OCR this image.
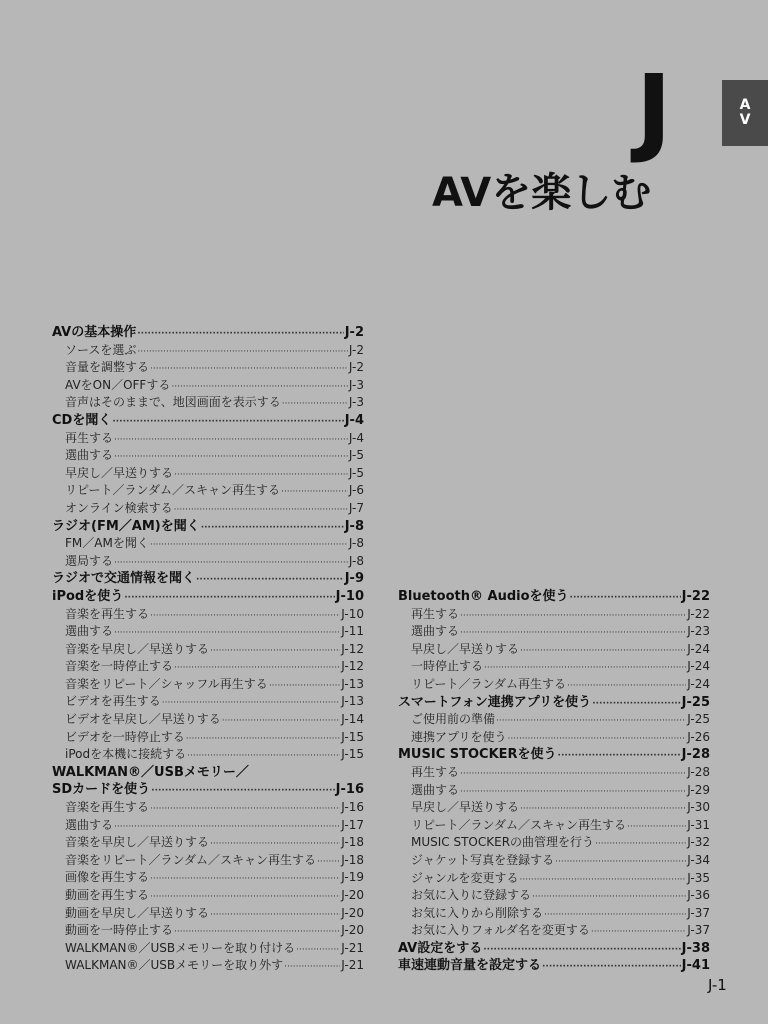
J	A
V
AVを楽しむ
AVの基本操作 ·····	J-2
ソースを選ぶ ·····	J-2
音量を調整する ·····	J-2
AVをON／OFFする ·····	J-3
音声はそのままで、地図画面を表示する ·····	J-3
CDを聞く ·····	J-4
再生する ·····	J-4
選曲する ·····	J-5
早戻し／早送りする ·····	J-5
リピート／ランダム／スキャン再生する ·····	J-6
オンライン検索する ·····	J-7
ラジオ(FM／AM)を聞く ·····	J-8
FM／AMを聞く ·····	J-8
選局する ·····	J-8
ラジオで交通情報を聞く ·····	J-9
iPodを使う ·····	J-10
音楽を再生する ·····	J-10
選曲する ·····	J-11
音楽を早戻し／早送りする ·····	J-12
音楽を一時停止する ·····	J-12
音楽をリピート／シャッフル再生する ·····	J-13
ビデオを再生する ·····	J-13
ビデオを早戻し／早送りする ·····	J-14
ビデオを一時停止する ·····	J-15
iPodを本機に接続する ·····	J-15
WALKMAN®／USBメモリー／
SDカードを使う ·····	J-16
音楽を再生する ·····	J-16
選曲する ·····	J-17
音楽を早戻し／早送りする ·····	J-18
音楽をリピート／ランダム／スキャン再生する ····· J-18
画像を再生する ·····	J-19
動画を再生する ·····	J-20
動画を早戻し／早送りする ·····	J-20
動画を一時停止する ·····	J-20
WALKMAN®／USBメモリーを取り付ける ·····	J-21
WALKMAN®／USBメモリーを取り外す ·····	J-21
Bluetooth® Audioを使う ·····	J-22
再生する ·····	J-22
選曲する ·····	J-23
早戻し／早送りする ·····	J-24
一時停止する ·····	J-24
リピート／ランダム再生する ·····	J-24
スマートフォン連携アプリを使う ·····	J-25
ご使用前の準備 ·····	J-25
連携アプリを使う ·····	J-26
MUSIC STOCKERを使う ·····	J-28
再生する ·····	J-28
選曲する ·····	J-29
早戻し／早送りする ·····	J-30
リピート／ランダム／スキャン再生する ·····	J-31
MUSIC STOCKERの曲管理を行う ·····	J-32
ジャケット写真を登録する ·····	J-34
ジャンルを変更する ·····	J-35
お気に入りに登録する ·····	J-36
お気に入りから削除する ·····	J-37
お気に入りフォルダ名を変更する ·····	J-37
AV設定をする ·····	J-38
車速連動音量を設定する ·····	J-41
J-1
